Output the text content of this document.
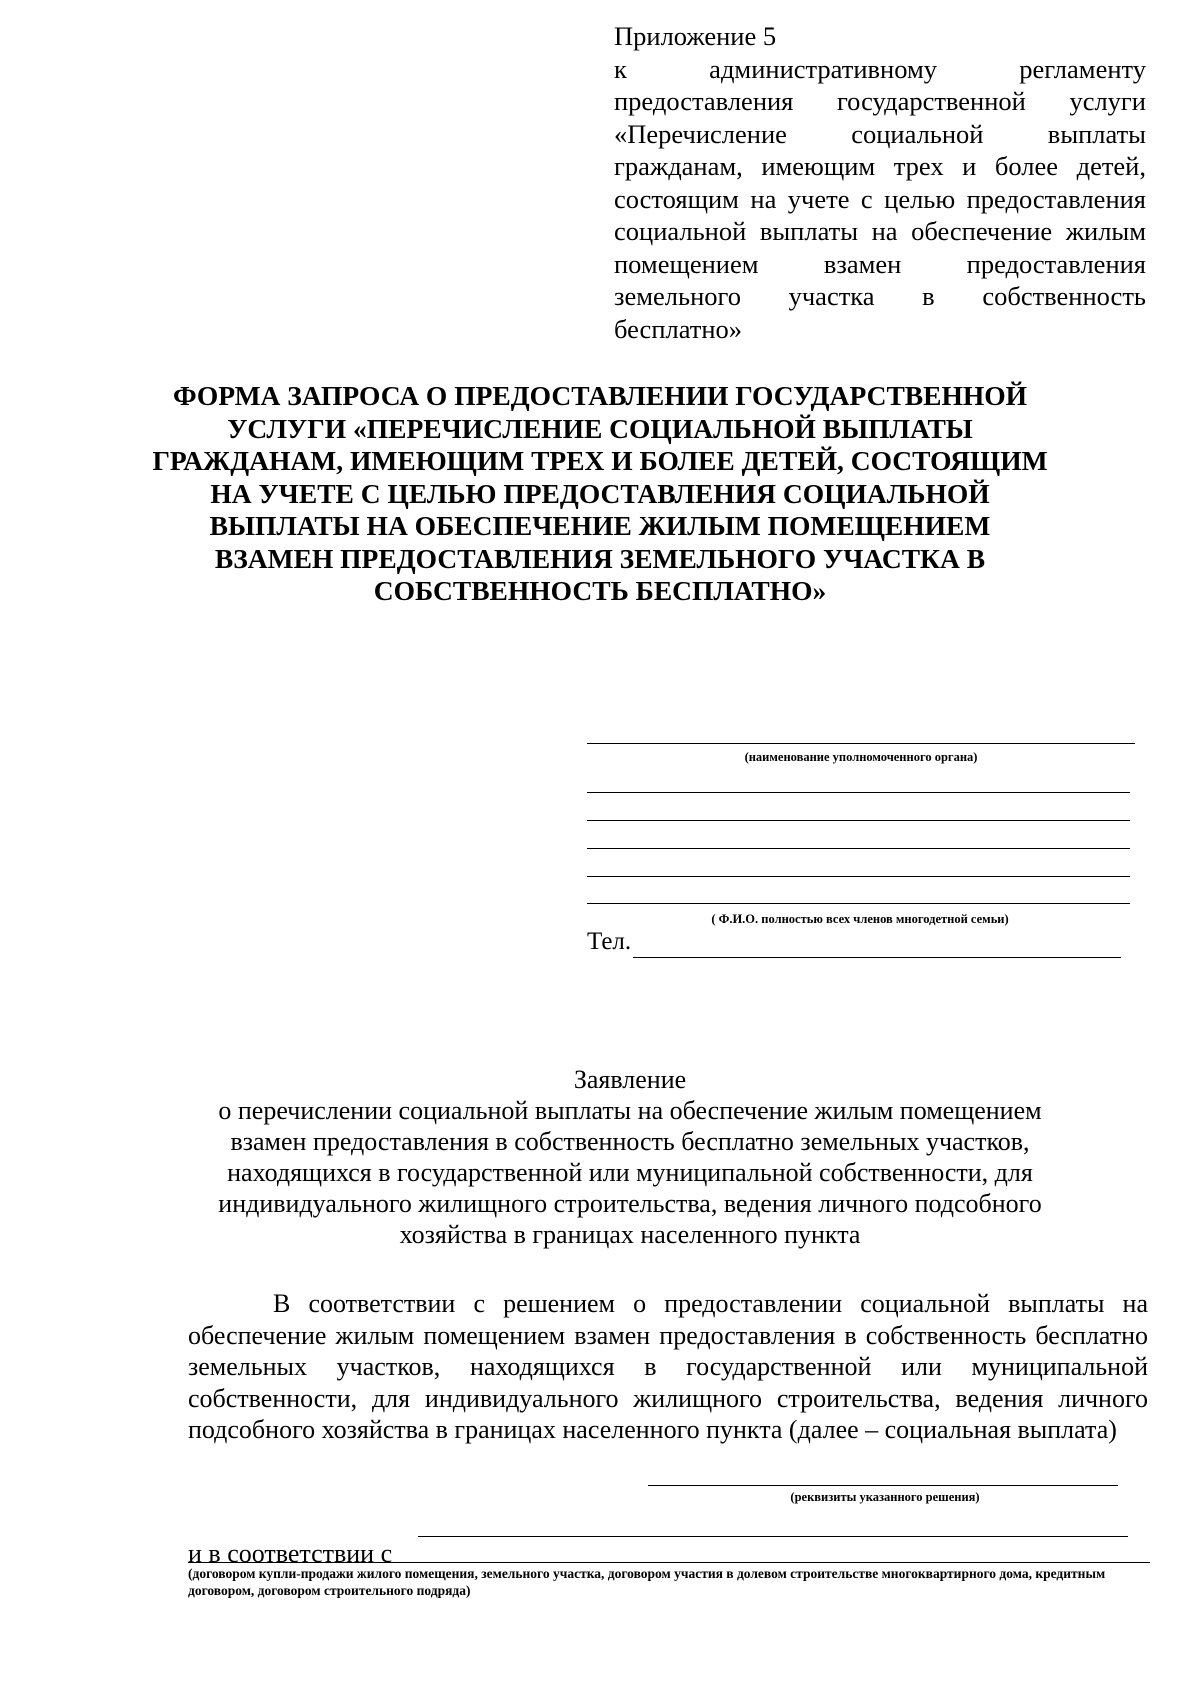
Приложение 5
к административному регламенту предоставления государственной услуги «Перечисление социальной выплаты гражданам, имеющим трех и более детей, состоящим на учете с целью предоставления социальной выплаты на обеспечение жилым помещением взамен предоставления земельного участка в собственность бесплатно»
ФОРМА ЗАПРОСА О ПРЕДОСТАВЛЕНИИ ГОСУДАРСТВЕННОЙ УСЛУГИ «ПЕРЕЧИСЛЕНИЕ СОЦИАЛЬНОЙ ВЫПЛАТЫ ГРАЖДАНАМ, ИМЕЮЩИМ ТРЕХ И БОЛЕЕ ДЕТЕЙ, СОСТОЯЩИМ НА УЧЕТЕ С ЦЕЛЬЮ ПРЕДОСТАВЛЕНИЯ СОЦИАЛЬНОЙ ВЫПЛАТЫ НА ОБЕСПЕЧЕНИЕ ЖИЛЫМ ПОМЕЩЕНИЕМ ВЗАМЕН ПРЕДОСТАВЛЕНИЯ ЗЕМЕЛЬНОГО УЧАСТКА В СОБСТВЕННОСТЬ БЕСПЛАТНО»
(наименование уполномоченного органа)
( Ф.И.О. полностью всех членов многодетной семьи)
Тел.
Заявление
о перечислении социальной выплаты на обеспечение жилым помещением взамен предоставления в собственность бесплатно земельных участков, находящихся в государственной или муниципальной собственности, для индивидуального жилищного строительства, ведения личного подсобного хозяйства в границах населенного пункта
В соответствии с решением о предоставлении социальной выплаты на обеспечение жилым помещением взамен предоставления в собственность бесплатно земельных участков, находящихся в государственной или муниципальной собственности, для индивидуального жилищного строительства, ведения личного подсобного хозяйства в границах населенного пункта (далее – социальная выплата)
(реквизиты указанного решения)
и в соответствии с
(договором купли-продажи жилого помещения, земельного участка, договором участия в долевом строительстве многоквартирного дома, кредитным договором, договором строительного подряда)
